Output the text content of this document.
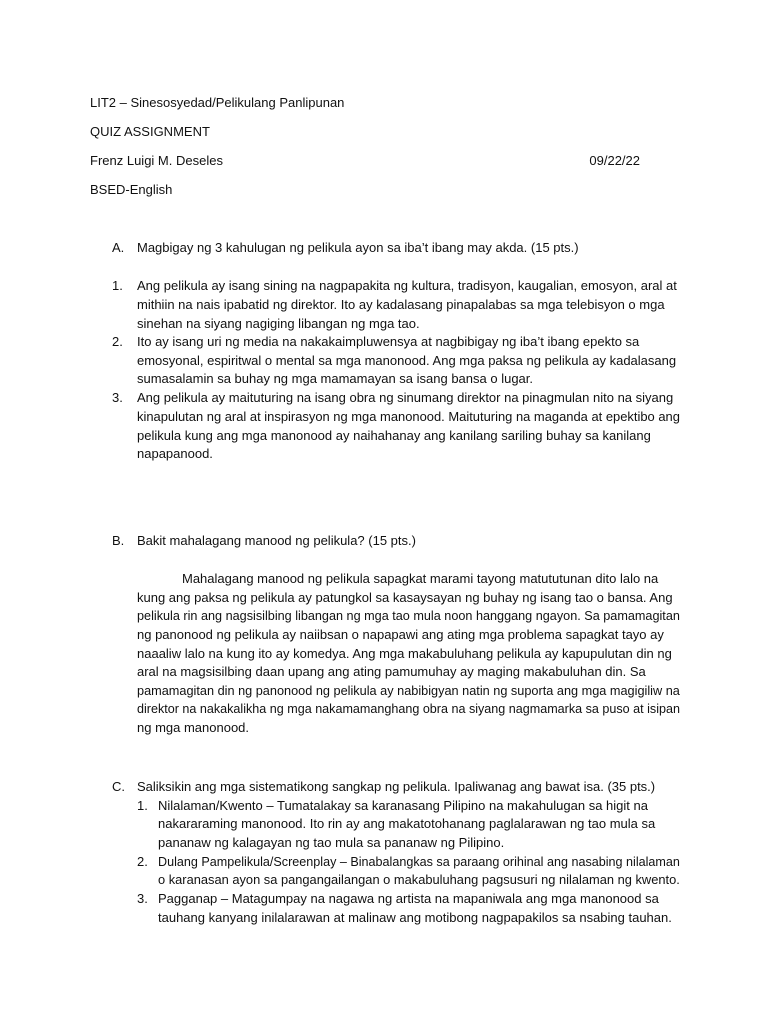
LIT2 – Sinesosyedad/Pelikulang Panlipunan
QUIZ ASSIGNMENT
Frenz Luigi M. Deseles	09/22/22
BSED-English
A. Magbigay ng 3 kahulugan ng pelikula ayon sa iba’t ibang may akda. (15 pts.)
1. Ang pelikula ay isang sining na nagpapakita ng kultura, tradisyon, kaugalian, emosyon, aral at
mithiin na nais ipabatid ng direktor. Ito ay kadalasang pinapalabas sa mga telebisyon o mga
sinehan na siyang nagiging libangan ng mga tao.
2. Ito ay isang uri ng media na nakakaimpluwensya at nagbibigay ng iba’t ibang epekto sa
emosyonal, espiritwal o mental sa mga manonood. Ang mga paksa ng pelikula ay kadalasang
sumasalamin sa buhay ng mga mamamayan sa isang bansa o lugar.
3. Ang pelikula ay maituturing na isang obra ng sinumang direktor na pinagmulan nito na siyang
kinapulutan ng aral at inspirasyon ng mga manonood. Maituturing na maganda at epektibo ang
pelikula kung ang mga manonood ay naihahanay ang kanilang sariling buhay sa kanilang
napapanood.
B. Bakit mahalagang manood ng pelikula? (15 pts.)
Mahalagang manood ng pelikula sapagkat marami tayong matututunan dito lalo na
kung ang paksa ng pelikula ay patungkol sa kasaysayan ng buhay ng isang tao o bansa. Ang
pelikula rin ang nagsisilbing libangan ng mga tao mula noon hanggang ngayon. Sa pamamagitan
ng panonood ng pelikula ay naiibsan o napapawi ang ating mga problema sapagkat tayo ay
naaaliw lalo na kung ito ay komedya. Ang mga makabuluhang pelikula ay kapupulutan din ng
aral na magsisilbing daan upang ang ating pamumuhay ay maging makabuluhan din. Sa
pamamagitan din ng panonood ng pelikula ay nabibigyan natin ng suporta ang mga magigiliw na
direktor na nakakalikha ng mga nakamamanghang obra na siyang nagmamarka sa puso at isipan
ng mga manonood.
C. Saliksikin ang mga sistematikong sangkap ng pelikula. Ipaliwanag ang bawat isa. (35 pts.)
1. Nilalaman/Kwento – Tumatalakay sa karanasang Pilipino na makahulugan sa higit na
nakararaming manonood. Ito rin ay ang makatotohanang paglalarawan ng tao mula sa
pananaw ng kalagayan ng tao mula sa pananaw ng Pilipino.
2. Dulang Pampelikula/Screenplay – Binabalangkas sa paraang orihinal ang nasabing nilalaman
o karanasan ayon sa pangangailangan o makabuluhang pagsusuri ng nilalaman ng kwento.
3. Pagganap – Matagumpay na nagawa ng artista na mapaniwala ang mga manonood sa
tauhang kanyang inilalarawan at malinaw ang motibong nagpapakilos sa nsabing tauhan.
